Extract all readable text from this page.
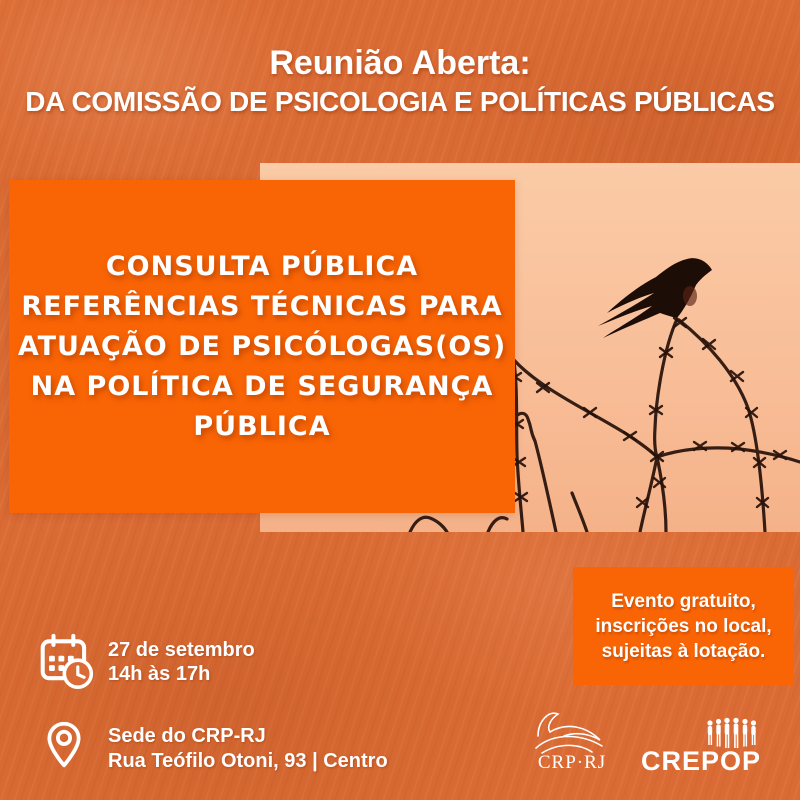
Reunião Aberta:
DA COMISSÃO DE PSICOLOGIA E POLÍTICAS PÚBLICAS
CONSULTA PÚBLICA
REFERÊNCIAS TÉCNICAS PARA
ATUAÇÃO DE PSICÓLOGAS(OS)
NA POLÍTICA DE SEGURANÇA
PÚBLICA
Evento gratuito,
inscrições no local,
sujeitas à lotação.
27 de setembro
14h às 17h
Sede do CRP-RJ
Rua Teófilo Otoni, 93 | Centro	CRP·RJ CREPOP
